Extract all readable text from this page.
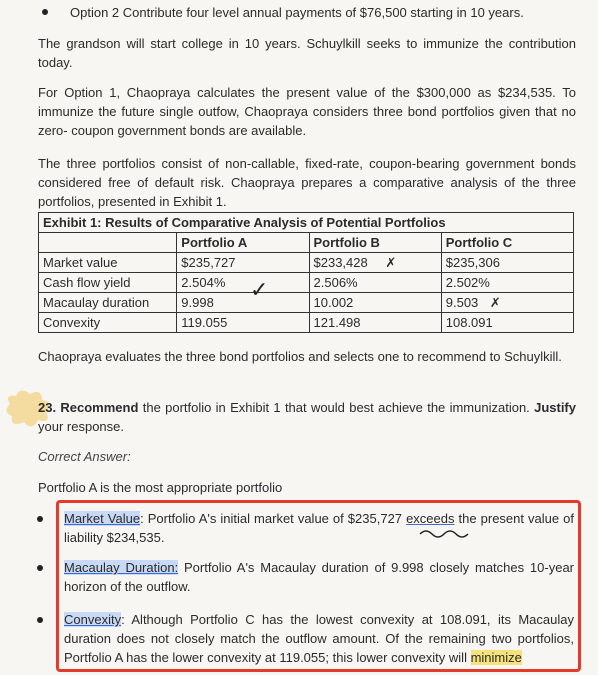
Option 2 Contribute four level annual payments of $76,500 starting in 10 years.
The grandson will start college in 10 years. Schuylkill seeks to immunize the contribution today.
For Option 1, Chaopraya calculates the present value of the $300,000 as $234,535. To immunize the future single outfow, Chaopraya considers three bond portfolios given that no zero- coupon government bonds are available.
The three portfolios consist of non-callable, fixed-rate, coupon-bearing government bonds considered free of default risk. Chaopraya prepares a comparative analysis of the three portfolios, presented in Exhibit 1.
Exhibit 1: Results of Comparative Analysis of Potential Portfolios			
	Portfolio A	Portfolio B	Portfolio C
Market value	$235,727	$233,428 ✗	$235,306
Cash flow yield	2.504%	2.506%	2.502%
Macaulay duration	9.998	10.002	9.503 ✗
Convexity	119.055	121.498	108.091
✓
Chaopraya evaluates the three bond portfolios and selects one to recommend to Schuylkill.
23. Recommend the portfolio in Exhibit 1 that would best achieve the immunization. Justify your response.
Correct Answer:
Portfolio A is the most appropriate portfolio
Market Value: Portfolio A's initial market value of $235,727 exceeds the present value of liability $234,535.
Macaulay Duration: Portfolio A's Macaulay duration of 9.998 closely matches 10-year horizon of the outflow.
Convexity: Although Portfolio C has the lowest convexity at 108.091, its Macaulay duration does not closely match the outflow amount. Of the remaining two portfolios, Portfolio A has the lower convexity at 119.055; this lower convexity will minimize
